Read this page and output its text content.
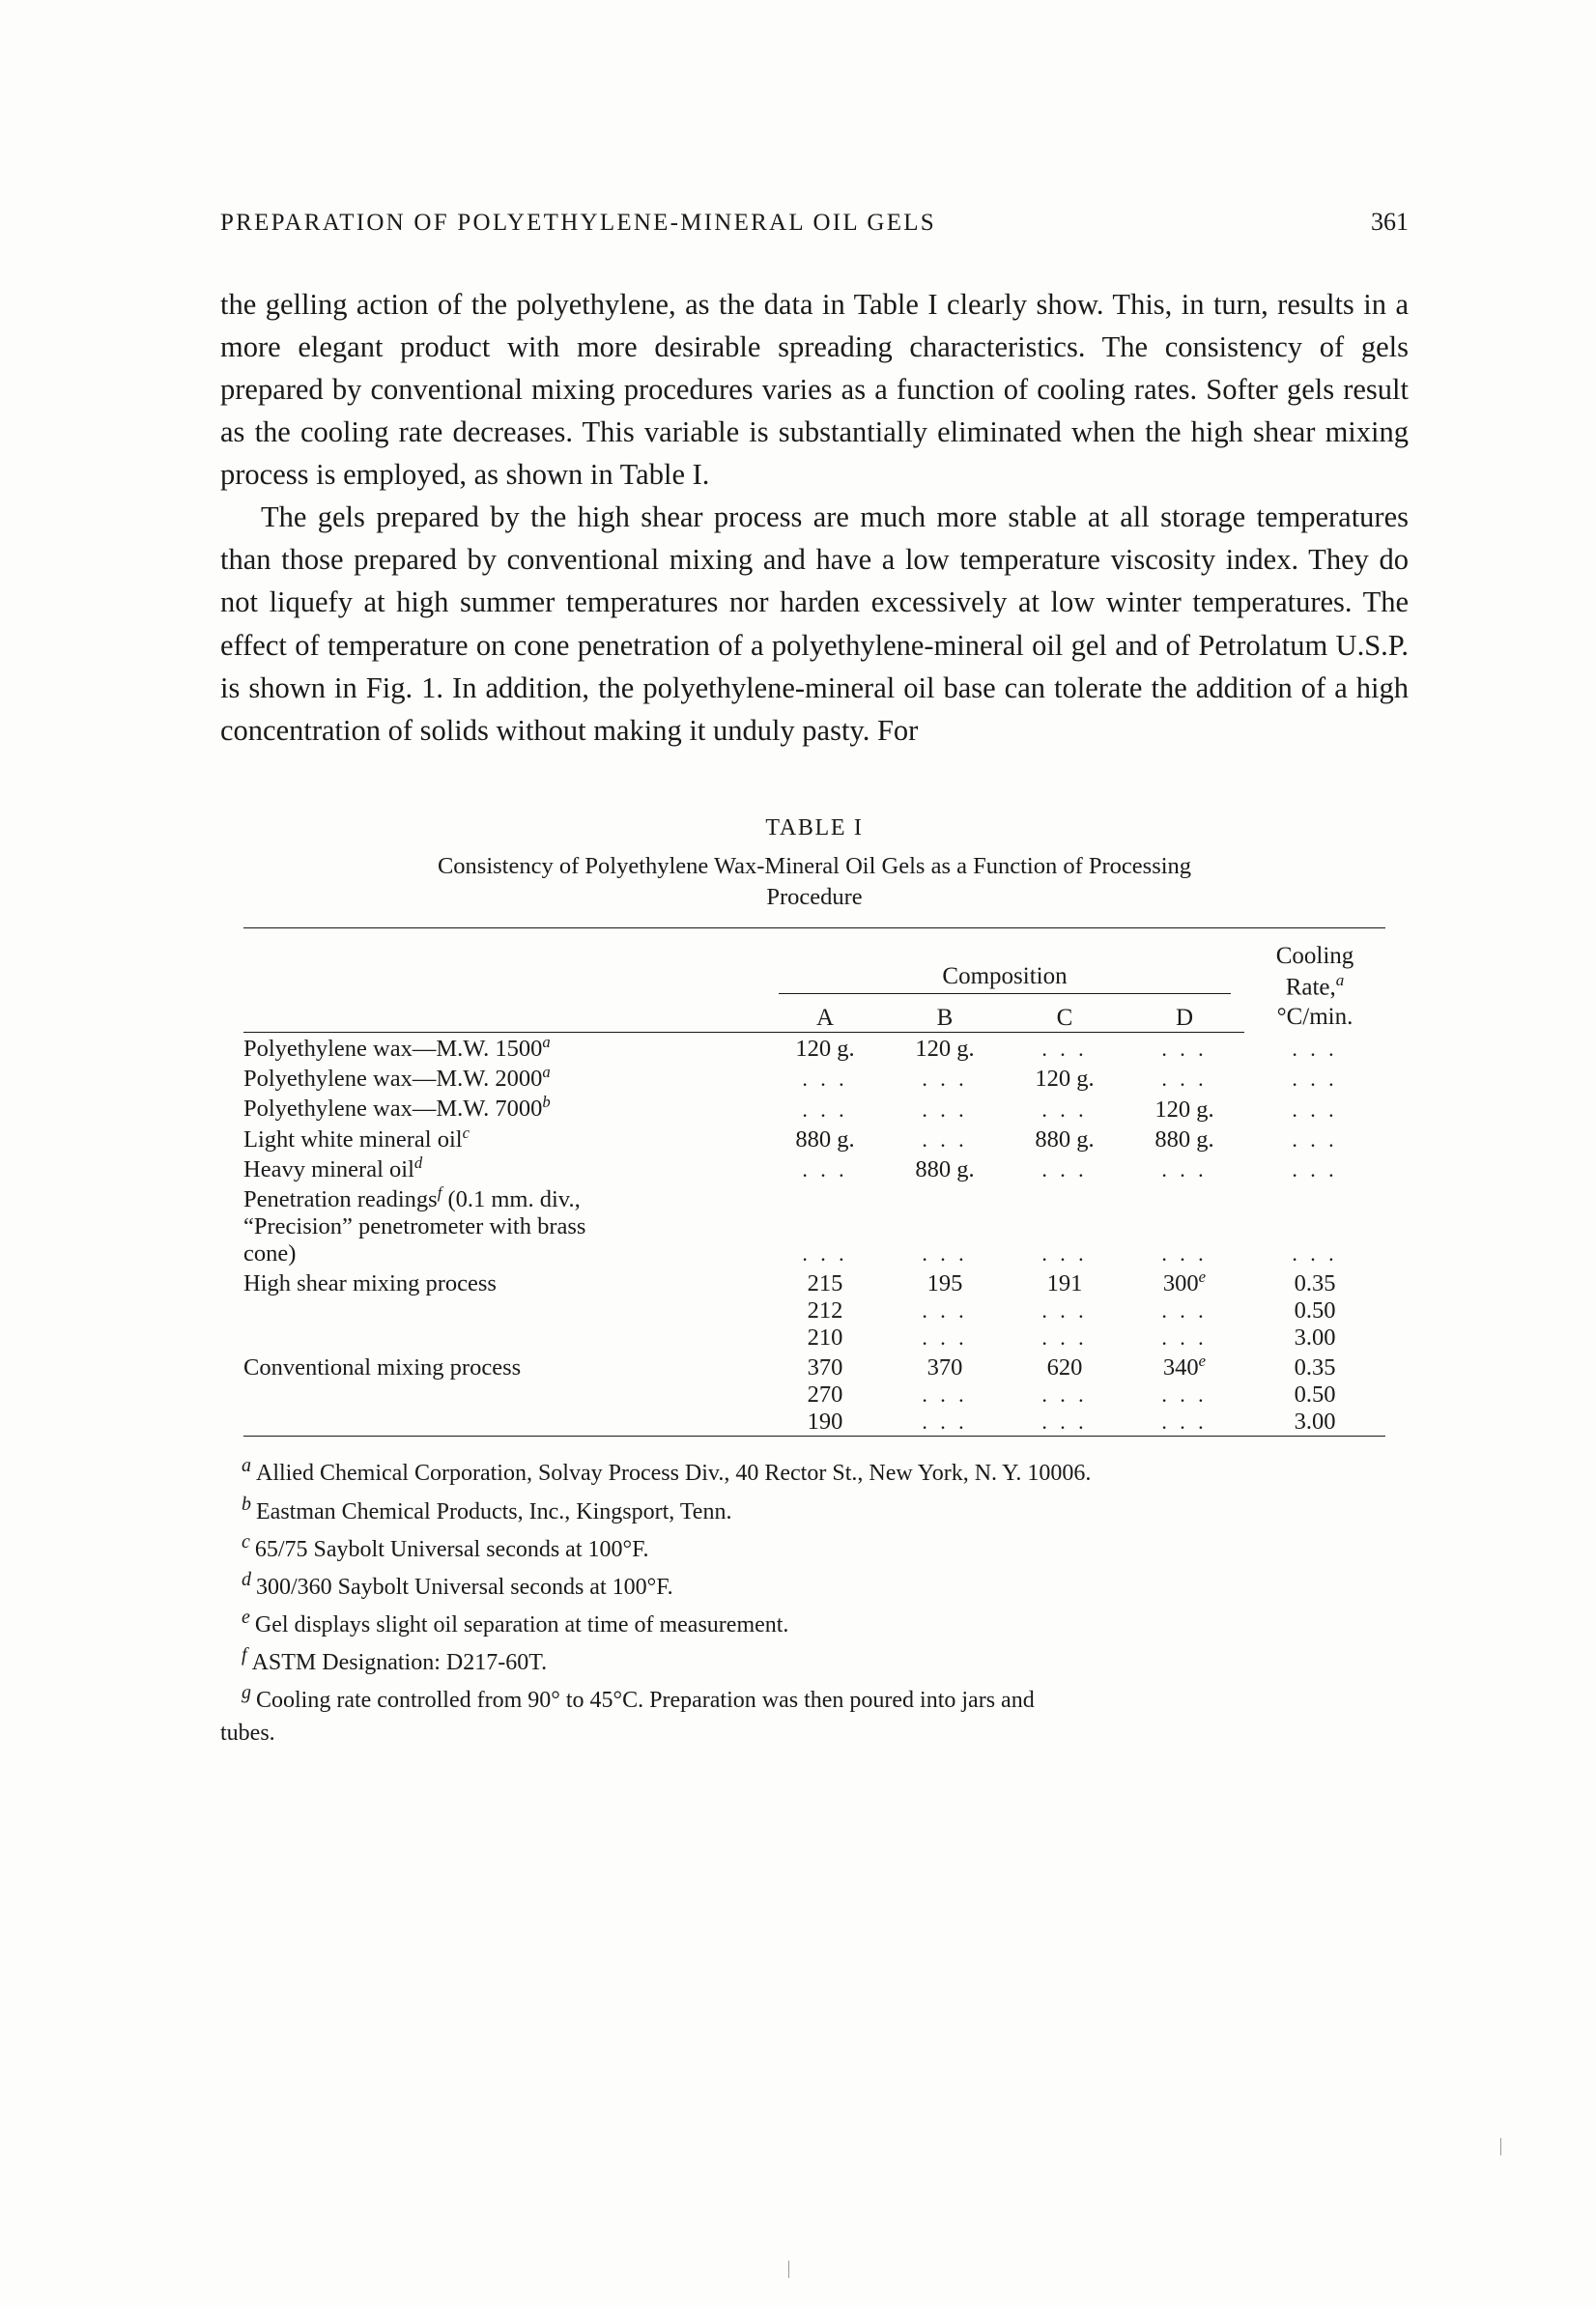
PREPARATION OF POLYETHYLENE-MINERAL OIL GELS	361

the gelling action of the polyethylene, as the data in Table I clearly show. This, in turn, results in a more elegant product with more desirable spreading characteristics. The consistency of gels prepared by conventional mixing procedures varies as a function of cooling rates. Softer gels result as the cooling rate decreases. This variable is substantially eliminated when the high shear mixing process is employed, as shown in Table I.

The gels prepared by the high shear process are much more stable at all storage temperatures than those prepared by conventional mixing and have a low temperature viscosity index. They do not liquefy at high summer temperatures nor harden excessively at low winter temperatures. The effect of temperature on cone penetration of a polyethylene-mineral oil gel and of Petrolatum U.S.P. is shown in Fig. 1. In addition, the polyethylene-mineral oil base can tolerate the addition of a high concentration of solids without making it unduly pasty. For

TABLE I
Consistency of Polyethylene Wax-Mineral Oil Gels as a Function of Processing
Procedure
	Composition				Cooling
Rate,$^a$
°C/min.
	A	B	C	D	
Polyethylene wax—M.W. 1500$^a$	120 g.	120 g.	. . .	. . .	. . .
Polyethylene wax—M.W. 2000$^a$	. . .	. . .	120 g.	. . .	. . .
Polyethylene wax—M.W. 7000$^b$	. . .	. . .	. . .	120 g.	. . .
Light white mineral oil$^c$	880 g.	. . .	880 g.	880 g.	. . .
Heavy mineral oil$^d$	. . .	880 g.	. . .	. . .	. . .
Penetration readings$^f$ (0.1 mm. div.,					
“Precision” penetrometer with brass					
cone)	. . .	. . .	. . .	. . .	. . .
High shear mixing process	215	195	191	300e	0.35
	212	. . .	. . .	. . .	0.50
	210	. . .	. . .	. . .	3.00
Conventional mixing process	370	370	620	340e	0.35
	270	. . .	. . .	. . .	0.50
	190	. . .	. . .	. . .	3.00
$^a$ Allied Chemical Corporation, Solvay Process Div., 40 Rector St., New York, N. Y. 10006.
$^b$ Eastman Chemical Products, Inc., Kingsport, Tenn.
$^c$ 65/75 Saybolt Universal seconds at 100°F.
$^d$ 300/360 Saybolt Universal seconds at 100°F.
$^e$ Gel displays slight oil separation at time of measurement.
$^f$ ASTM Designation: D217-60T.
$^g$ Cooling rate controlled from 90° to 45°C. Preparation was then poured into jars and
tubes.
